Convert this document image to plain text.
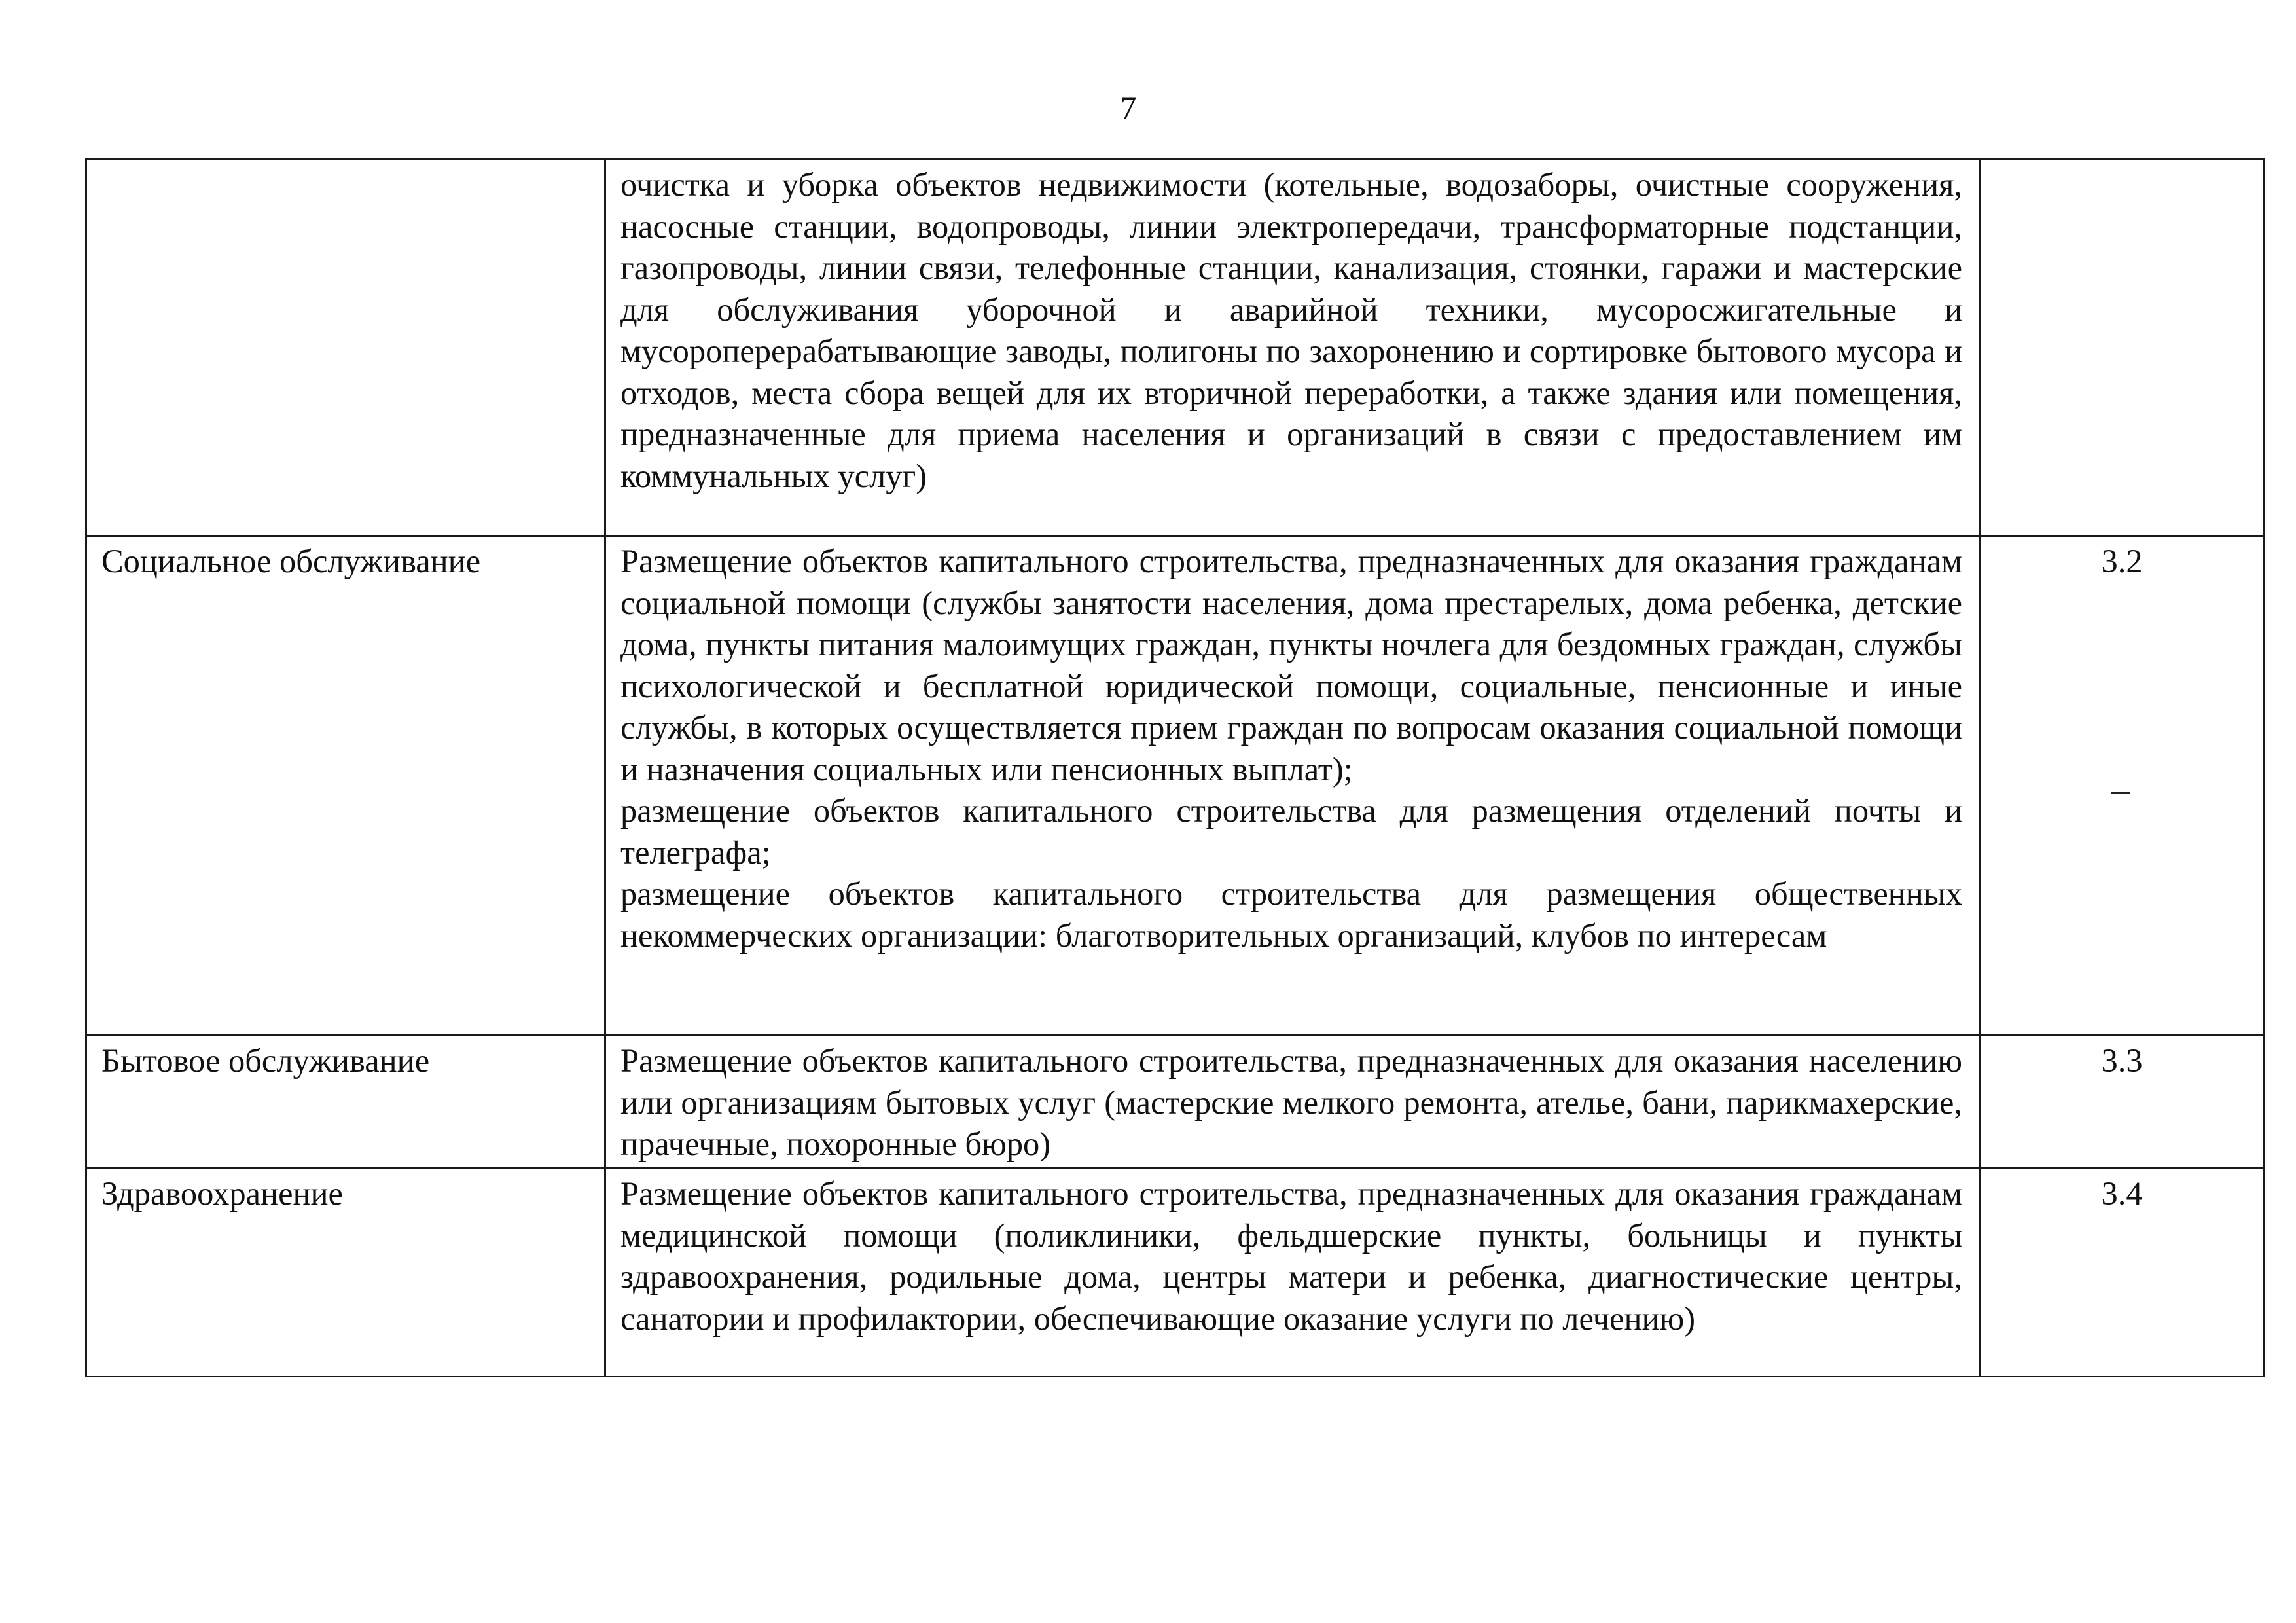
7

	очистка и уборка объектов недвижимости (котельные, водозаборы, очистные сооружения, насосные станции, водопроводы, линии электропередачи, трансформаторные подстанции, газопроводы, линии связи, телефонные станции, канализация, стоянки, гаражи и мастерские для обслуживания уборочной и аварийной техники, мусоросжигательные и мусороперерабатывающие заводы, полигоны по захоронению и сортировке бытового мусора и отходов, места сбора вещей для их вторичной переработки, а также здания или помещения, предназначенные для приема населения и организаций в связи с предоставлением им коммунальных услуг)	

Социальное обслуживание	Размещение объектов капитального строительства, предназначенных для оказания гражданам социальной помощи (службы занятости населения, дома престарелых, дома ребенка, детские дома, пункты питания малоимущих граждан, пункты ночлега для бездомных граждан, службы психологической и бесплатной юридической помощи, социальные, пенсионные и иные службы, в которых осуществляется прием граждан по вопросам оказания социальной помощи и назначения социальных или пенсионных выплат);
размещение объектов капитального строительства для размещения отделений почты и телеграфа;
размещение объектов капитального строительства для размещения общественных некоммерческих организации: благотворительных организаций, клубов по интересам	3.2

Бытовое обслуживание	Размещение объектов капитального строительства, предназначенных для оказания населению или организациям бытовых услуг (мастерские мелкого ремонта, ателье, бани, парикмахерские, прачечные, похоронные бюро)	3.3
Здравоохранение	Размещение объектов капитального строительства, предназначенных для оказания гражданам медицинской помощи (поликлиники, фельдшерские пункты, больницы и пункты здравоохранения, родильные дома, центры матери и ребенка, диагностические центры, санатории и профилактории, обеспечивающие оказание услуги по лечению)	3.4
